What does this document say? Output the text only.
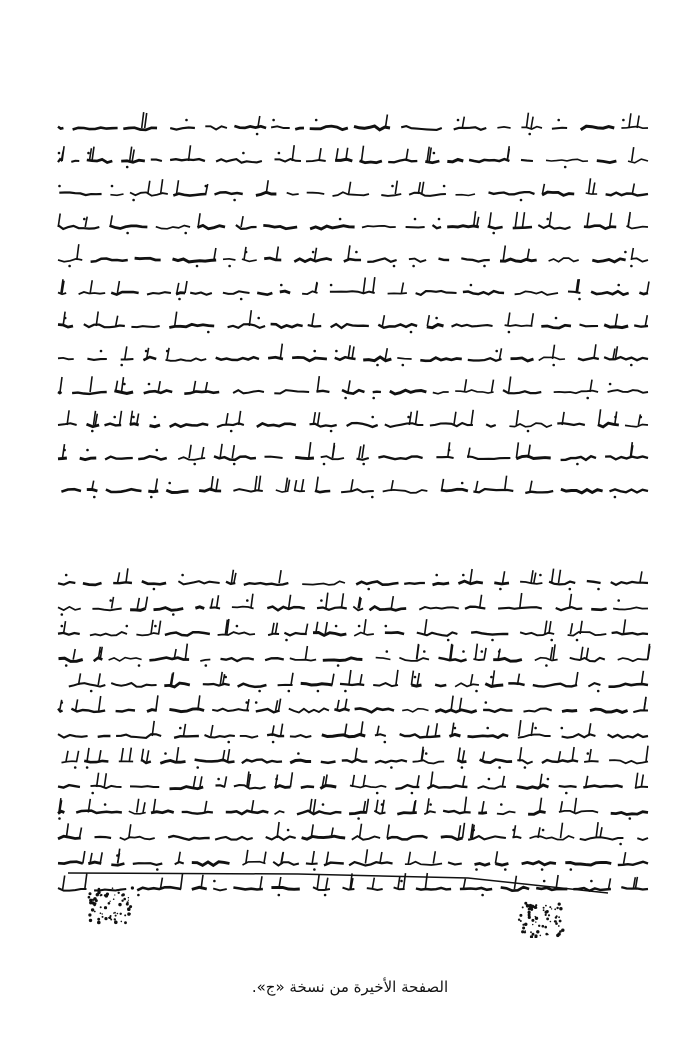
الصفحة الأخيرة من نسخة «ج».
